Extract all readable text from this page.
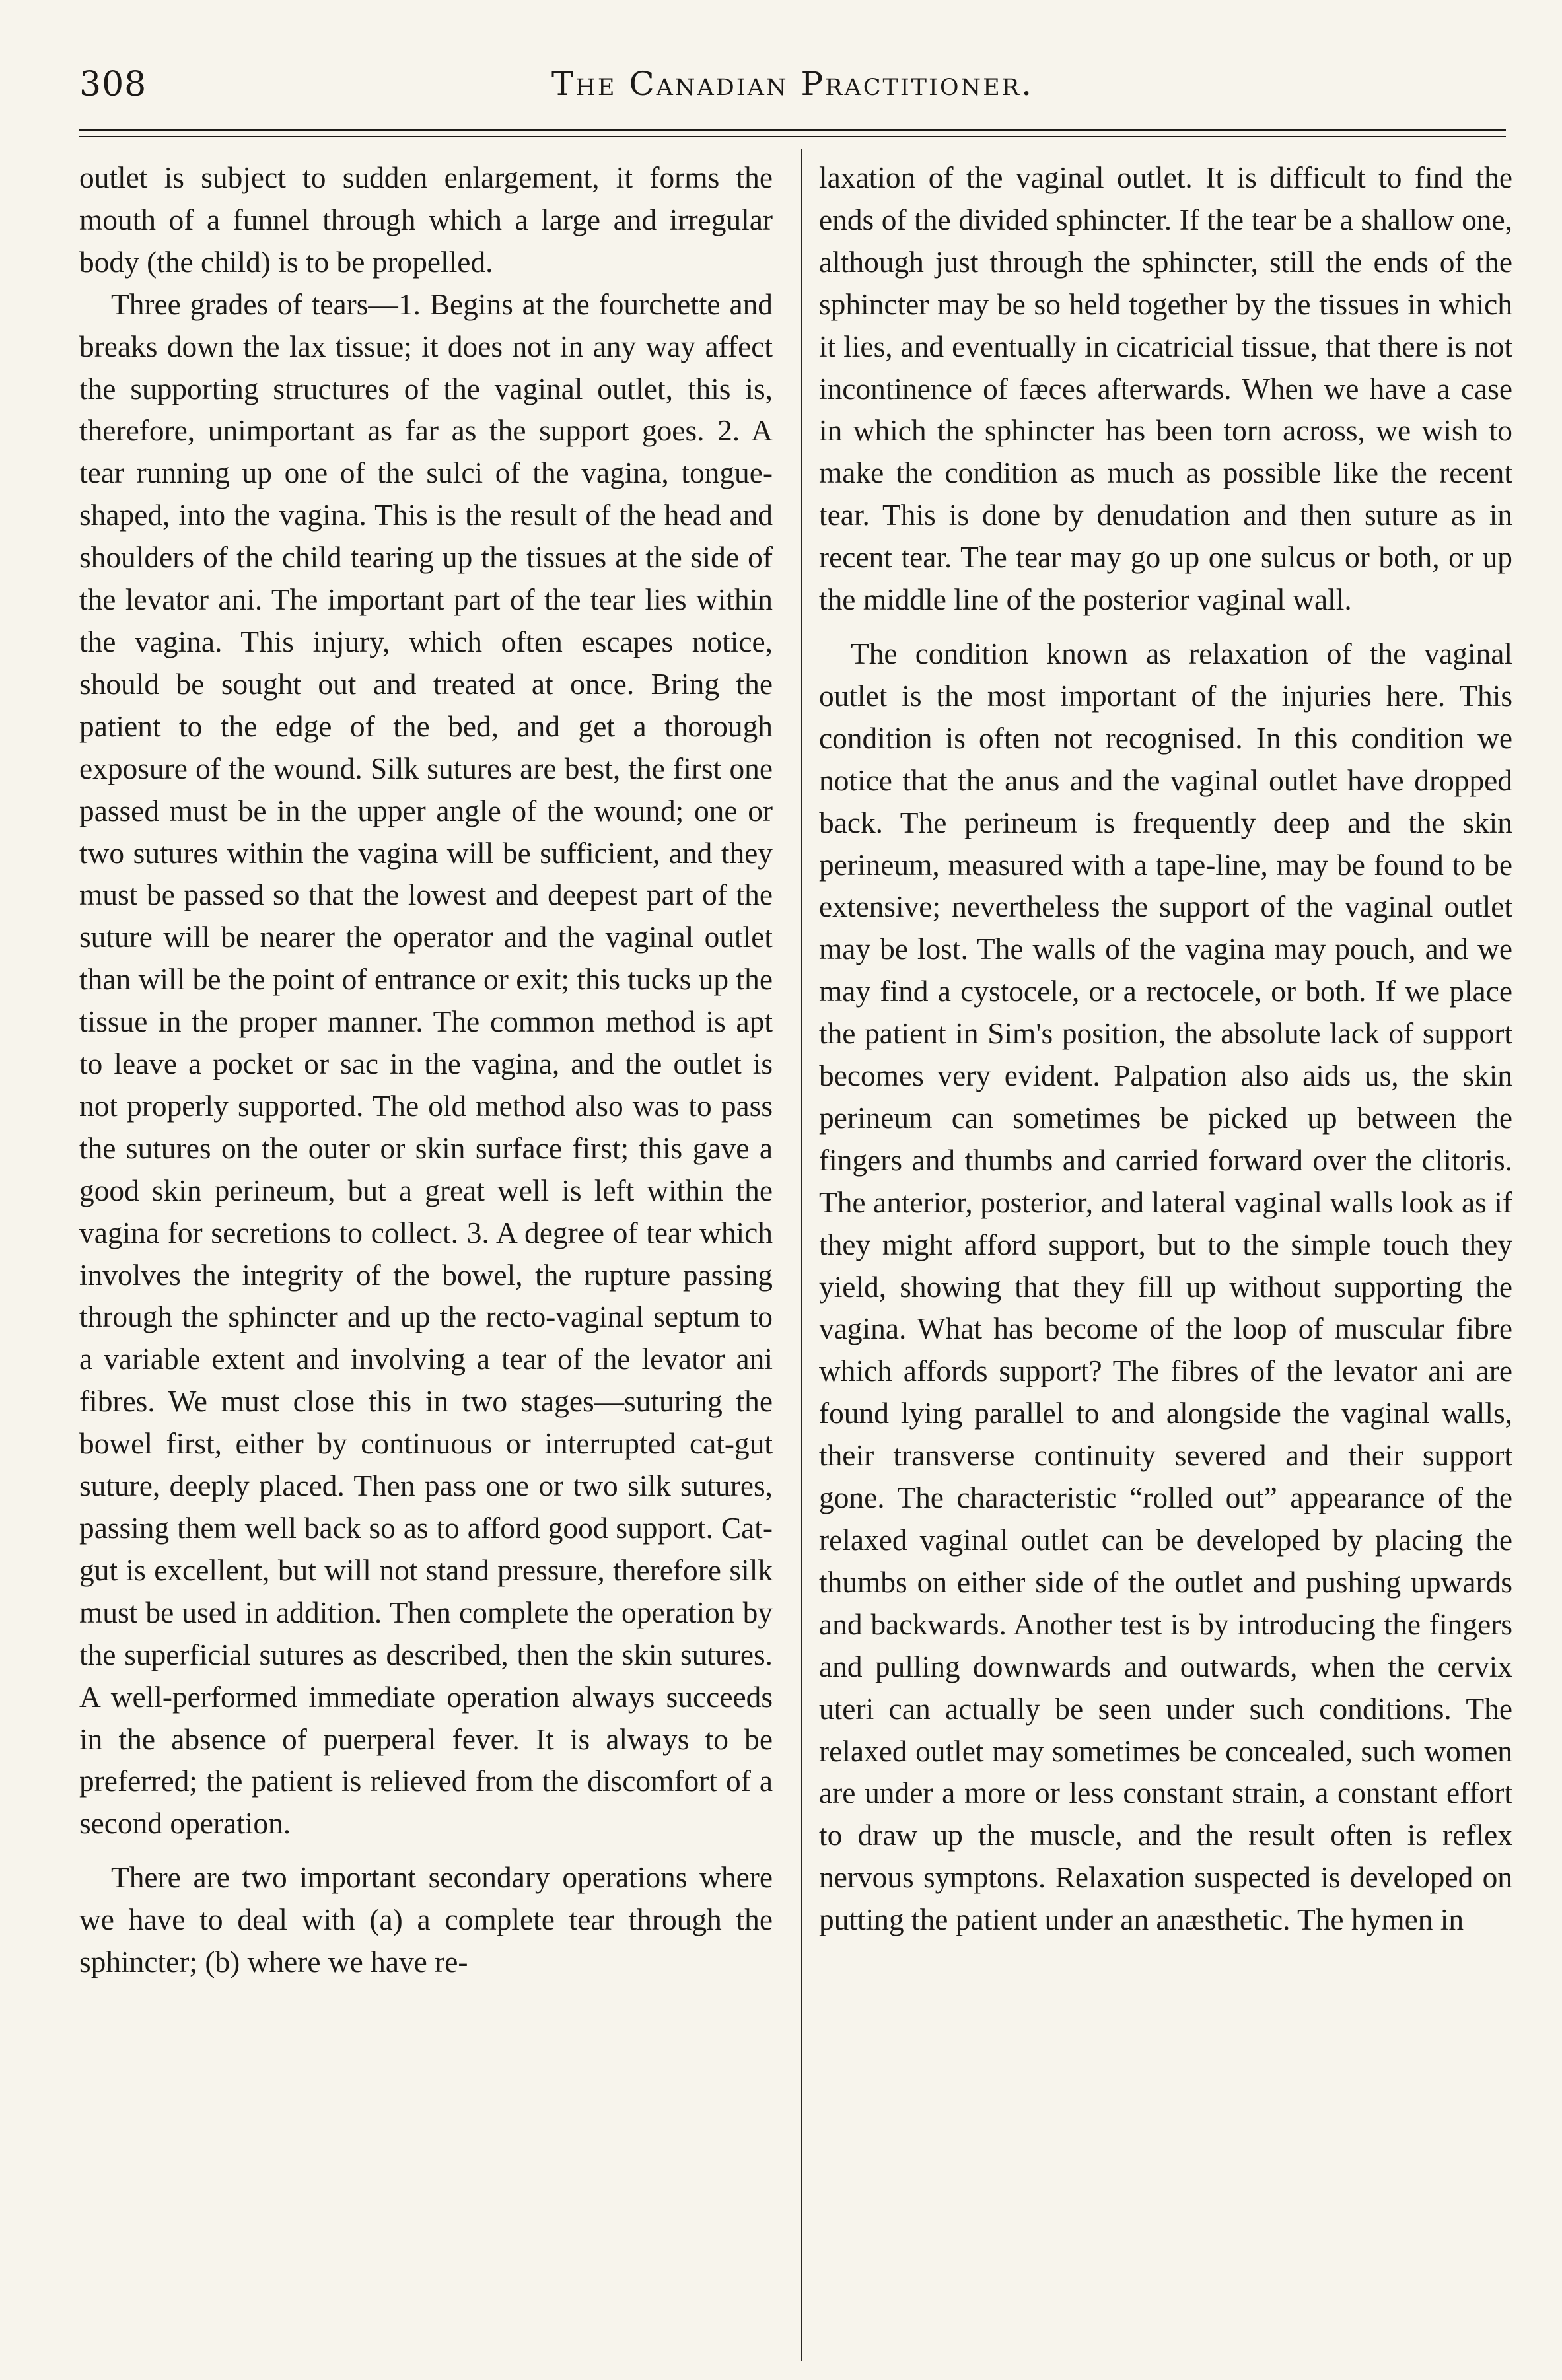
308	The Canadian Practitioner.

outlet is subject to sudden enlargement, it forms the mouth of a funnel through which a large and irregular body (the child) is to be propelled.

Three grades of tears—1. Begins at the fourchette and breaks down the lax tissue; it does not in any way affect the supporting structures of the vaginal outlet, this is, therefore, unimportant as far as the support goes. 2. A tear running up one of the sulci of the vagina, tongue-shaped, into the vagina. This is the result of the head and shoulders of the child tearing up the tissues at the side of the levator ani. The important part of the tear lies within the vagina. This injury, which often escapes notice, should be sought out and treated at once. Bring the patient to the edge of the bed, and get a thorough exposure of the wound. Silk sutures are best, the first one passed must be in the upper angle of the wound; one or two sutures within the vagina will be sufficient, and they must be passed so that the lowest and deepest part of the suture will be nearer the operator and the vaginal outlet than will be the point of entrance or exit; this tucks up the tissue in the proper manner. The common method is apt to leave a pocket or sac in the vagina, and the outlet is not properly supported. The old method also was to pass the sutures on the outer or skin surface first; this gave a good skin perineum, but a great well is left within the vagina for secretions to collect. 3. A degree of tear which involves the integrity of the bowel, the rupture passing through the sphincter and up the recto-vaginal septum to a variable extent and involving a tear of the levator ani fibres. We must close this in two stages—suturing the bowel first, either by continuous or interrupted cat-gut suture, deeply placed. Then pass one or two silk sutures, passing them well back so as to afford good support. Cat-gut is excellent, but will not stand pressure, therefore silk must be used in addition. Then complete the operation by the superficial sutures as described, then the skin sutures. A well-performed immediate operation always succeeds in the absence of puerperal fever. It is always to be preferred; the patient is relieved from the discomfort of a second operation.

There are two important secondary operations where we have to deal with (a) a complete tear through the sphincter; (b) where we have re-

laxation of the vaginal outlet. It is difficult to find the ends of the divided sphincter. If the tear be a shallow one, although just through the sphincter, still the ends of the sphincter may be so held together by the tissues in which it lies, and eventually in cicatricial tissue, that there is not incontinence of fæces afterwards. When we have a case in which the sphincter has been torn across, we wish to make the condition as much as possible like the recent tear. This is done by denudation and then suture as in recent tear. The tear may go up one sulcus or both, or up the middle line of the posterior vaginal wall.

The condition known as relaxation of the vaginal outlet is the most important of the injuries here. This condition is often not recognised. In this condition we notice that the anus and the vaginal outlet have dropped back. The perineum is frequently deep and the skin perineum, measured with a tape-line, may be found to be extensive; nevertheless the support of the vaginal outlet may be lost. The walls of the vagina may pouch, and we may find a cystocele, or a rectocele, or both. If we place the patient in Sim's position, the absolute lack of support becomes very evident. Palpation also aids us, the skin perineum can sometimes be picked up between the fingers and thumbs and carried forward over the clitoris. The anterior, posterior, and lateral vaginal walls look as if they might afford support, but to the simple touch they yield, showing that they fill up without supporting the vagina. What has become of the loop of muscular fibre which affords support? The fibres of the levator ani are found lying parallel to and alongside the vaginal walls, their transverse continuity severed and their support gone. The characteristic “rolled out” appearance of the relaxed vaginal outlet can be developed by placing the thumbs on either side of the outlet and pushing upwards and backwards. Another test is by introducing the fingers and pulling downwards and outwards, when the cervix uteri can actually be seen under such conditions. The relaxed outlet may sometimes be concealed, such women are under a more or less constant strain, a constant effort to draw up the muscle, and the result often is reflex nervous symptons. Relaxation suspected is developed on putting the patient under an anæsthetic. The hymen in
